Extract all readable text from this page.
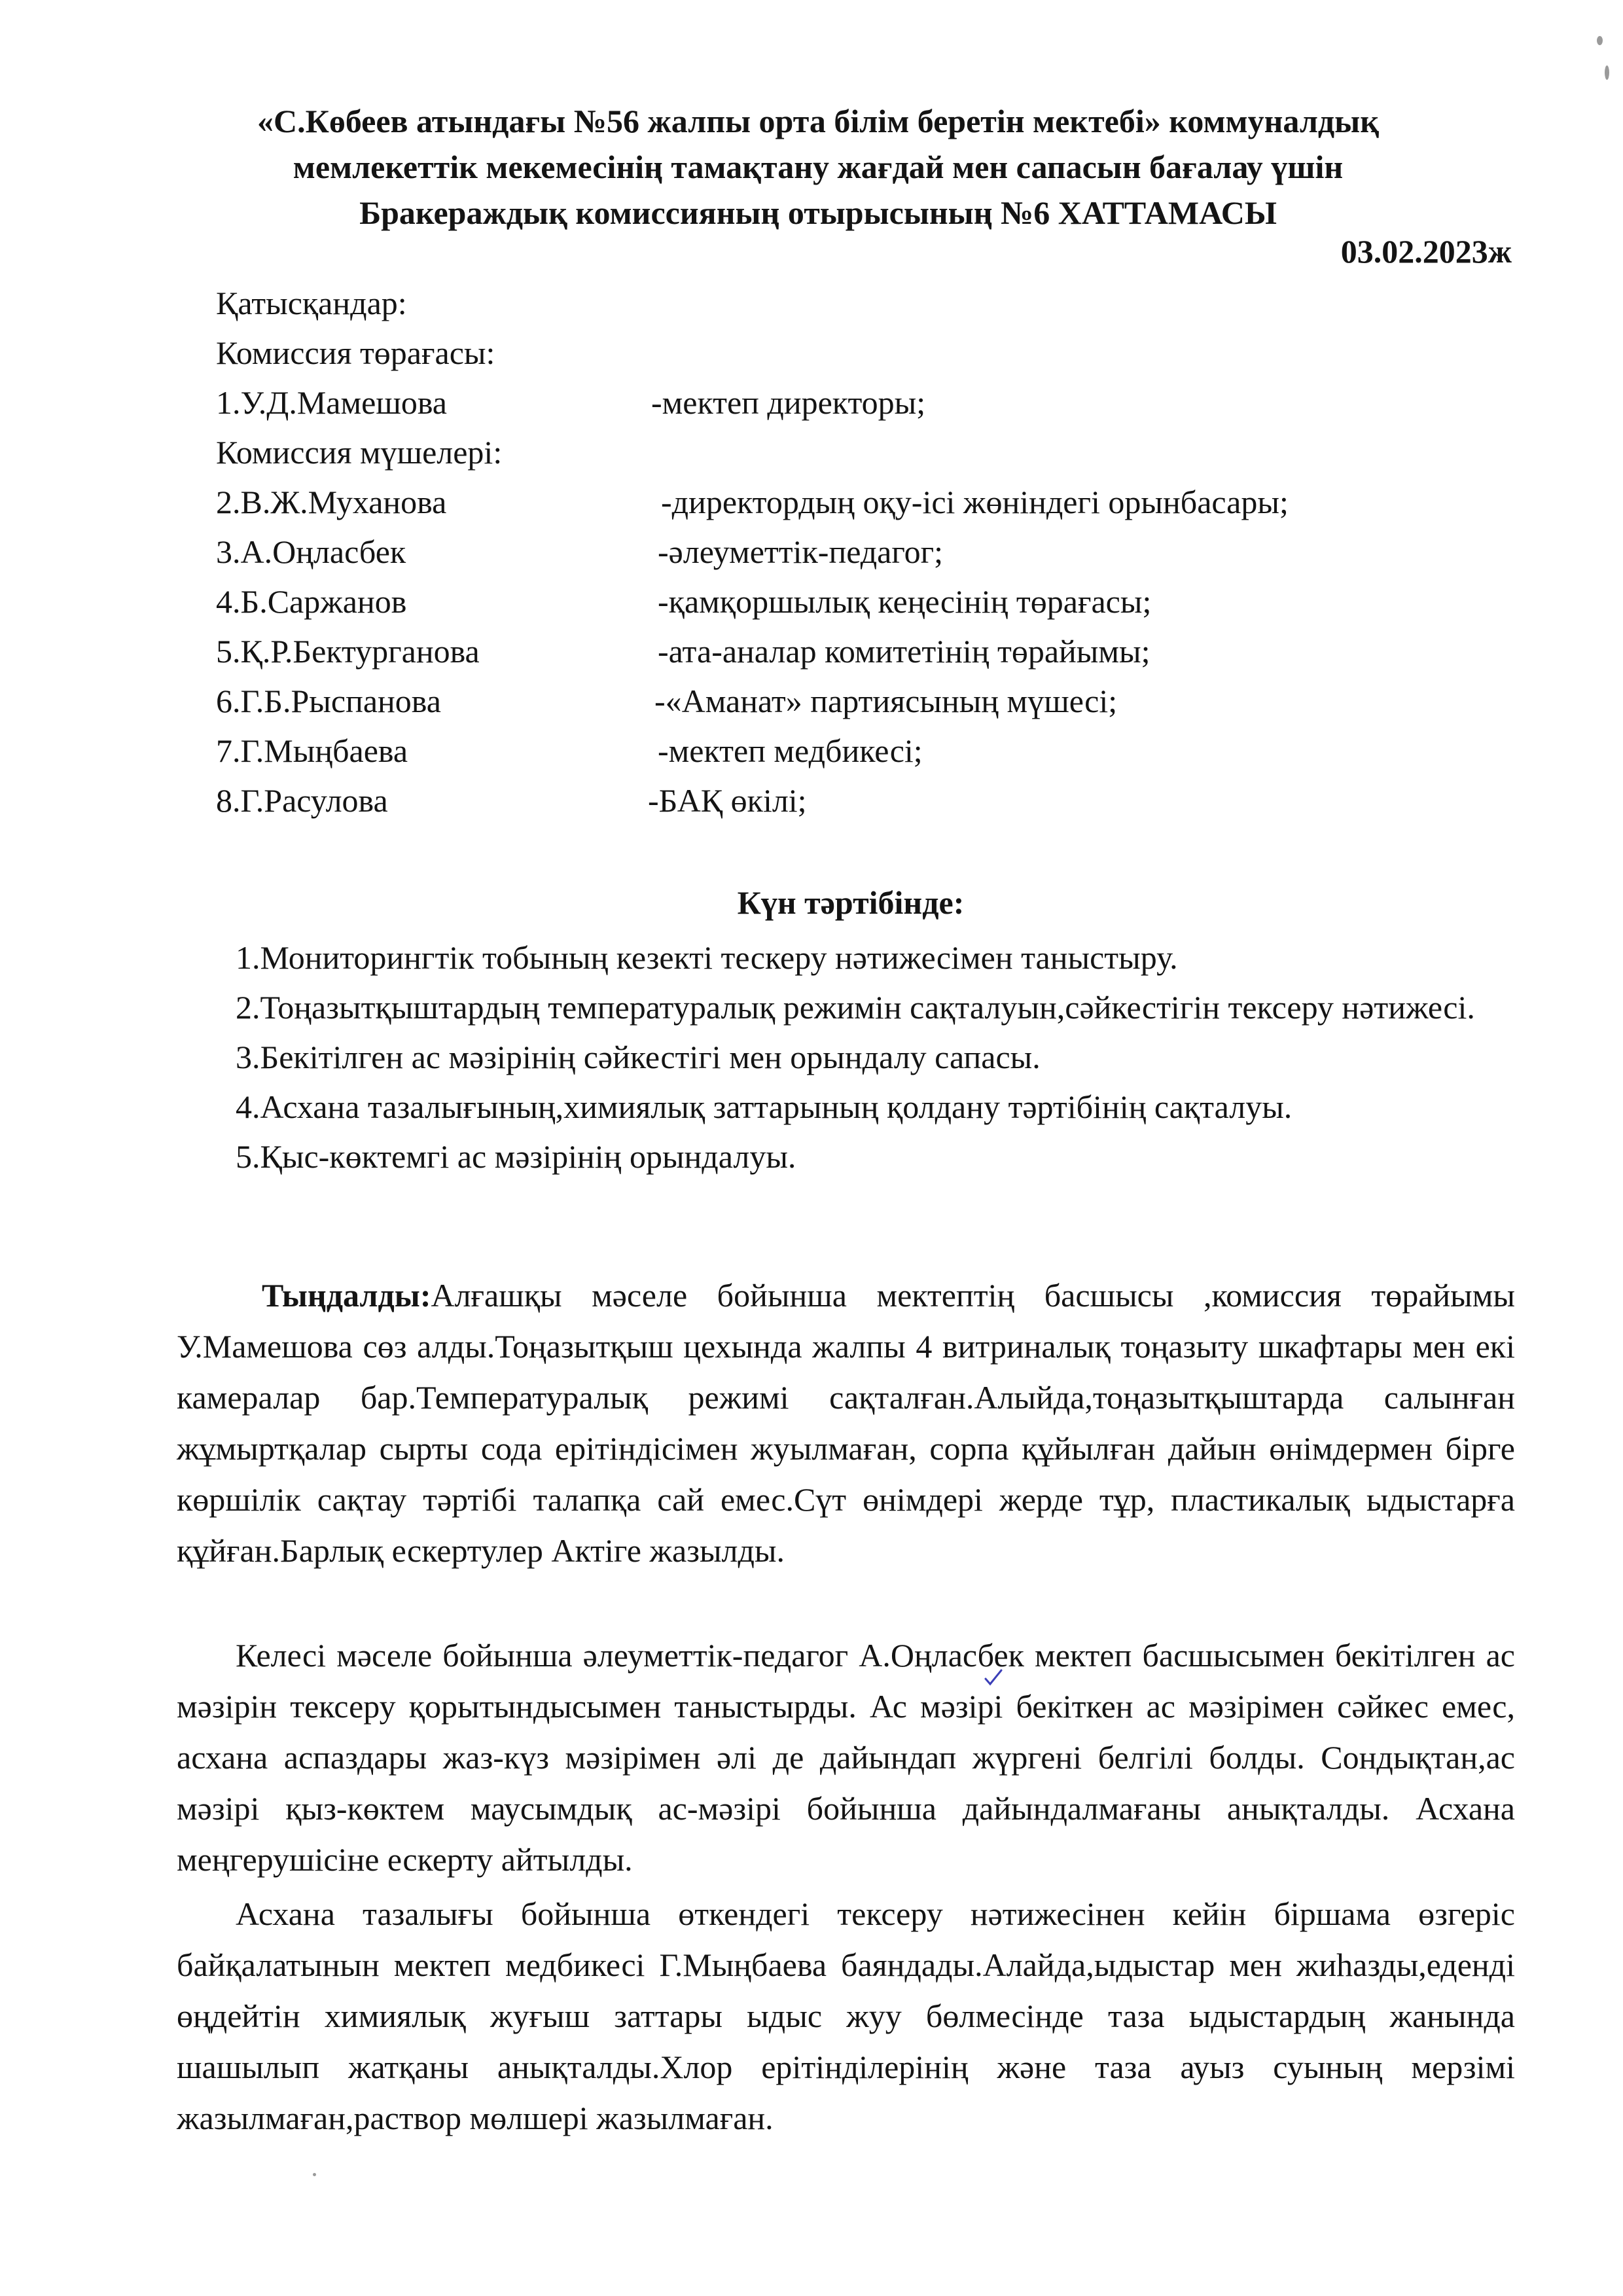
«С.Көбеев атындағы №56 жалпы орта білім беретін мектебі» коммуналдық
мемлекеттік мекемесінің тамақтану жағдай мен сапасын бағалау үшін
Бракераждық комиссияның отырысының №6 ХАТТАМАСЫ
03.02.2023ж
Қатысқандар:
Комиссия төрағасы:
1.У.Д.Мамешова	-мектеп директоры;
Комиссия мүшелері:
2.В.Ж.Муханова	-директордың оқу-ісі жөніндегі орынбасары;
3.А.Оңласбек	-әлеуметтік-педагог;
4.Б.Саржанов	-қамқоршылық кеңесінің төрағасы;
5.Қ.Р.Бектурганова	-ата-аналар комитетінің төрайымы;
6.Г.Б.Рыспанова	-«Аманат» партиясының мүшесі;
7.Г.Мыңбаева	-мектеп медбикесі;
8.Г.Расулова	-БАҚ өкілі;
Күн тәртібінде:
1.Мониторингтік тобының кезекті тескеру нәтижесімен таныстыру.
2.Тоңазытқыштардың температуралық режимін сақталуын,сәйкестігін тексеру нәтижесі.
3.Бекітілген ас мәзірінің сәйкестігі мен орындалу сапасы.
4.Асхана тазалығының,химиялық заттарының қолдану тәртібінің сақталуы.
5.Қыс-көктемгі ас мәзірінің орындалуы.

Тыңдалды:Алғашқы мәселе бойынша мектептің басшысы ,комиссия төрайымы У.Мамешова сөз алды.Тоңазытқыш цехында жалпы 4 витриналық тоңазыту шкафтары мен екі камералар бар.Температуралық режимі сақталған.Алыйда,тоңазытқыштарда салынған жұмыртқалар сырты сода ерітіндісімен жуылмаған, сорпа құйылған дайын өнімдермен бірге көршілік сақтау тәртібі талапқа сай емес.Сүт өнімдері жерде тұр, пластикалық ыдыстарға құйған.Барлық ескертулер Актіге жазылды.

Келесі мәселе бойынша әлеуметтік-педагог А.Оңласбек мектеп басшысымен бекітілген ас мәзірін тексеру қорытындысымен таныстырды. Ас мәзірі бекіткен ас мәзірімен сәйкес емес, асхана аспаздары жаз-күз мәзірімен әлі де дайындап жүргені белгілі болды. Сондықтан,ас мәзірі қыз-көктем маусымдық ас-мәзірі бойынша дайындалмағаны анықталды. Асхана меңгерушісіне ескерту айтылды.

Асхана тазалығы бойынша өткендегі тексеру нәтижесінен кейін біршама өзгеріс байқалатынын мектеп медбикесі Г.Мыңбаева баяндады.Алайда,ыдыстар мен жиһазды,еденді өңдейтін химиялық жуғыш заттары ыдыс жуу бөлмесінде таза ыдыстардың жанында шашылып жатқаны анықталды.Хлор ерітінділерінің және таза ауыз суының мерзімі жазылмаған,раствор мөлшері жазылмаған.
